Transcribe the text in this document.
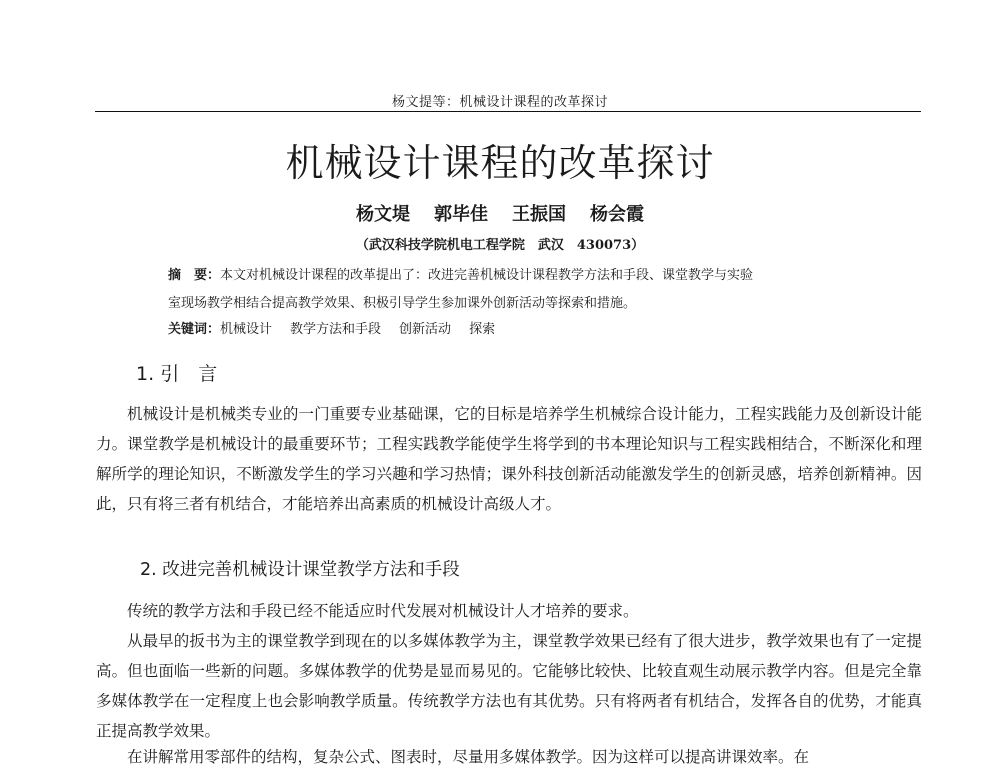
杨文提等：机械设计课程的改革探讨
机械设计课程的改革探讨
杨文堤 郭毕佳 王振国 杨会霞
（武汉科技学院机电工程学院　武汉　430073）
摘　要：本文对机械设计课程的改革提出了：改进完善机械设计课程教学方法和手段、课堂教学与实验
室现场教学相结合提高教学效果、积极引导学生参加课外创新活动等探索和措施。
关键词：机械设计 教学方法和手段 创新活动 探索
1. 引　言

机械设计是机械类专业的一门重要专业基础课，它的目标是培养学生机械综合设计能力，工程实践能力及创新设计能力。课堂教学是机械设计的最重要环节；工程实践教学能使学生将学到的书本理论知识与工程实践相结合，不断深化和理解所学的理论知识，不断激发学生的学习兴趣和学习热情；课外科技创新活动能激发学生的创新灵感，培养创新精神。因此，只有将三者有机结合，才能培养出高素质的机械设计高级人才。

2. 改进完善机械设计课堂教学方法和手段

传统的教学方法和手段已经不能适应时代发展对机械设计人才培养的要求。

从最早的扳书为主的课堂教学到现在的以多媒体教学为主，课堂教学效果已经有了很大进步，教学效果也有了一定提高。但也面临一些新的问题。多媒体教学的优势是显而易见的。它能够比较快、比较直观生动展示教学内容。但是完全靠多媒体教学在一定程度上也会影响教学质量。传统教学方法也有其优势。只有将两者有机结合，发挥各自的优势，才能真正提高教学效果。

在讲解常用零部件的结构，复杂公式、图表时，尽量用多媒体教学。因为这样可以提高讲课效率。在
